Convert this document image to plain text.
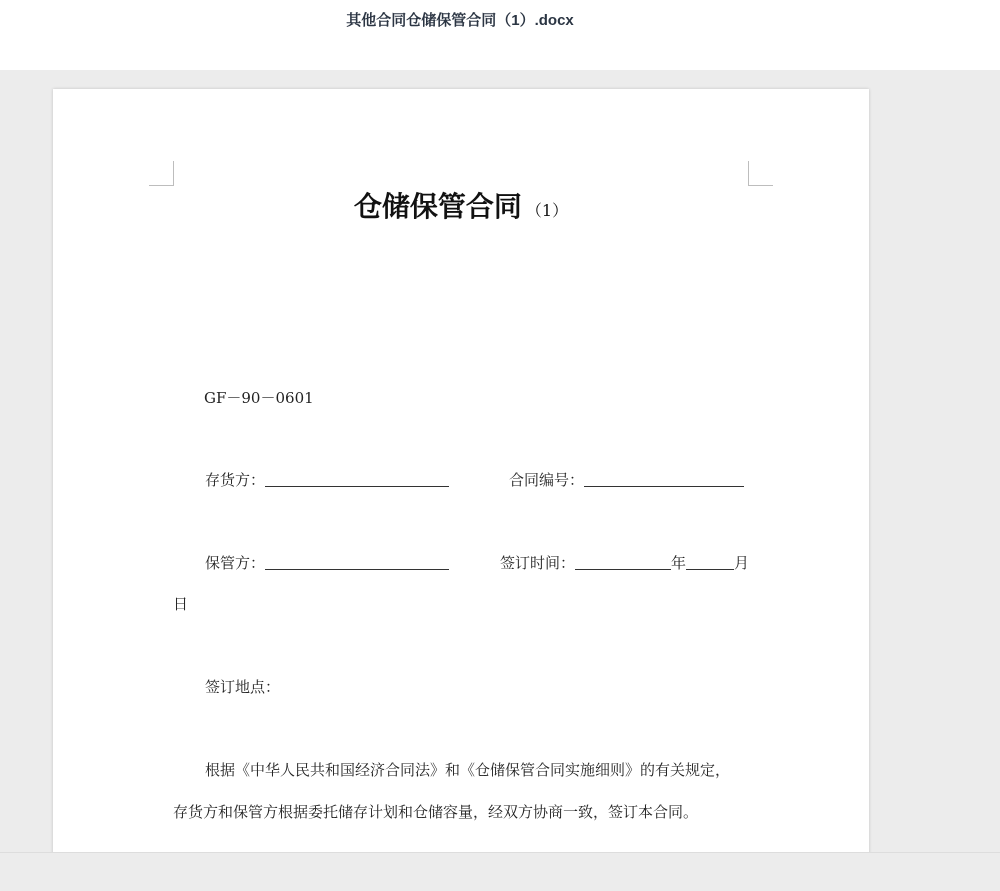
其他合同仓储保管合同（1）.docx
仓储保管合同 （1）
GF－90－0601
存货方：	合同编号：
保管方：	签订时间：	年	月
日
签订地点：
根据《中华人民共和国经济合同法》和《仓储保管合同实施细则》的有关规定，
存货方和保管方根据委托储存计划和仓储容量，经双方协商一致，签订本合同。
